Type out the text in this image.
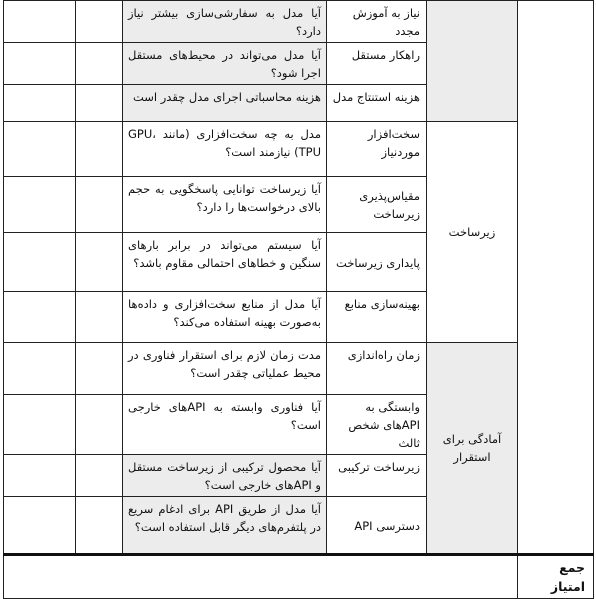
		نیاز به آموزش مجدد	آیا مدل به سفارشی‌سازی بیشتر نیاز دارد؟		
		راهکار مستقل	آیا مدل می‌تواند در محیط‌های مستقل اجرا شود؟		
		هزینه استنتاج مدل	هزینه محاسباتی اجرای مدل چقدر است		
	زیرساخت	سخت‌افزار موردنیاز	مدل به چه سخت‌افزاری (مانند GPU، TPU) نیازمند است؟		
		مقیاس‌پذیری زیرساخت	آیا زیرساخت توانایی پاسخگویی به حجم بالای درخواست‌ها را دارد؟		
		پایداری زیرساخت	آیا سیستم می‌تواند در برابر بارهای سنگین و خطاهای احتمالی مقاوم باشد؟		
		بهینه‌سازی منابع	آیا مدل از منابع سخت‌افزاری و داده‌ها به‌صورت بهینه استفاده می‌کند؟		
	آمادگی برای استقرار	زمان راه‌اندازی	مدت زمان لازم برای استقرار فناوری در محیط عملیاتی چقدر است؟		
		وابستگی به APIهای شخص ثالث	آیا فناوری وابسته به APIهای خارجی است؟		
		زیرساخت ترکیبی	آیا محصول ترکیبی از زیرساخت مستقل و APIهای خارجی است؟		
		دسترسی API	آیا مدل از طریق API برای ادغام سریع در پلتفرم‌های دیگر قابل استفاده است؟		
جمع امتیاز					
